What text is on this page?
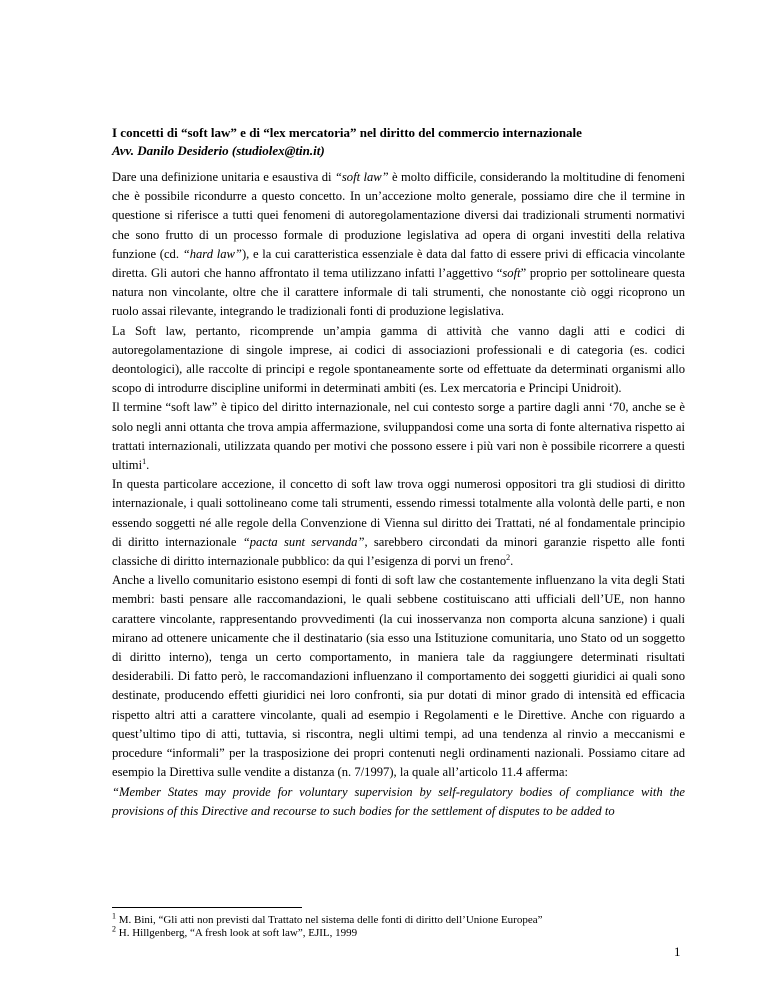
I concetti di “soft law” e di “lex mercatoria” nel diritto del commercio internazionale
Avv. Danilo Desiderio (studiolex@tin.it)

Dare una definizione unitaria e esaustiva di “soft law” è molto difficile, considerando la moltitudine di fenomeni che è possibile ricondurre a questo concetto. In un’accezione molto generale, possiamo dire che il termine in questione si riferisce a tutti quei fenomeni di autoregolamentazione diversi dai tradizionali strumenti normativi che sono frutto di un processo formale di produzione legislativa ad opera di organi investiti della relativa funzione (cd. “hard law”), e la cui caratteristica essenziale è data dal fatto di essere privi di efficacia vincolante diretta. Gli autori che hanno affrontato il tema utilizzano infatti l’aggettivo “soft” proprio per sottolineare questa natura non vincolante, oltre che il carattere informale di tali strumenti, che nonostante ciò oggi ricoprono un ruolo assai rilevante, integrando le tradizionali fonti di produzione legislativa.

La Soft law, pertanto, ricomprende un’ampia gamma di attività che vanno dagli atti e codici di autoregolamentazione di singole imprese, ai codici di associazioni professionali e di categoria (es. codici deontologici), alle raccolte di principi e regole spontaneamente sorte od effettuate da determinati organismi allo scopo di introdurre discipline uniformi in determinati ambiti (es. Lex mercatoria e Principi Unidroit).

Il termine “soft law” è tipico del diritto internazionale, nel cui contesto sorge a partire dagli anni ‘70, anche se è solo negli anni ottanta che trova ampia affermazione, sviluppandosi come una sorta di fonte alternativa rispetto ai trattati internazionali, utilizzata quando per motivi che possono essere i più vari non è possibile ricorrere a questi ultimi$^1$.

In questa particolare accezione, il concetto di soft law trova oggi numerosi oppositori tra gli studiosi di diritto internazionale, i quali sottolineano come tali strumenti, essendo rimessi totalmente alla volontà delle parti, e non essendo soggetti né alle regole della Convenzione di Vienna sul diritto dei Trattati, né al fondamentale principio di diritto internazionale “pacta sunt servanda”, sarebbero circondati da minori garanzie rispetto alle fonti classiche di diritto internazionale pubblico: da qui l’esigenza di porvi un freno$^2$.

Anche a livello comunitario esistono esempi di fonti di soft law che costantemente influenzano la vita degli Stati membri: basti pensare alle raccomandazioni, le quali sebbene costituiscano atti ufficiali dell’UE, non hanno carattere vincolante, rappresentando provvedimenti (la cui inosservanza non comporta alcuna sanzione) i quali mirano ad ottenere unicamente che il destinatario (sia esso una Istituzione comunitaria, uno Stato od un soggetto di diritto interno), tenga un certo comportamento, in maniera tale da raggiungere determinati risultati desiderabili. Di fatto però, le raccomandazioni influenzano il comportamento dei soggetti giuridici ai quali sono destinate, producendo effetti giuridici nei loro confronti, sia pur dotati di minor grado di intensità ed efficacia rispetto altri atti a carattere vincolante, quali ad esempio i Regolamenti e le Direttive. Anche con riguardo a quest’ultimo tipo di atti, tuttavia, si riscontra, negli ultimi tempi, ad una tendenza al rinvio a meccanismi e procedure “informali” per la trasposizione dei propri contenuti negli ordinamenti nazionali. Possiamo citare ad esempio la Direttiva sulle vendite a distanza (n. 7/1997), la quale all’articolo 11.4 afferma:

“Member States may provide for voluntary supervision by self-regulatory bodies of compliance with the provisions of this Directive and recourse to such bodies for the settlement of disputes to be added to

$^1$ M. Bini, “Gli atti non previsti dal Trattato nel sistema delle fonti di diritto dell’Unione Europea”
$^2$ H. Hillgenberg, “A fresh look at soft law”, EJIL, 1999
1
